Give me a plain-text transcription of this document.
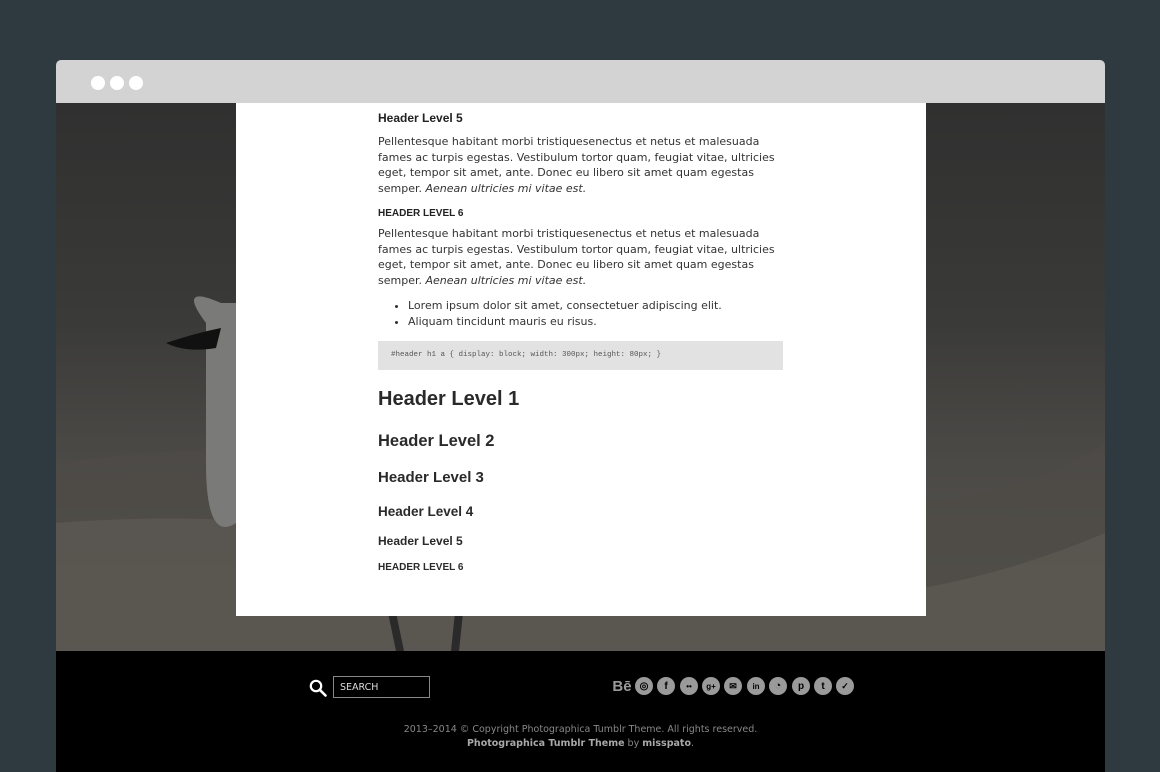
Header Level 5

Pellentesque habitant morbi tristiquesenectus et netus et malesuada fames ac turpis egestas. Vestibulum tortor quam, feugiat vitae, ultricies eget, tempor sit amet, ante. Donec eu libero sit amet quam egestas semper. Aenean ultricies mi vitae est.

HEADER LEVEL 6

Pellentesque habitant morbi tristiquesenectus et netus et malesuada fames ac turpis egestas. Vestibulum tortor quam, feugiat vitae, ultricies eget, tempor sit amet, ante. Donec eu libero sit amet quam egestas semper. Aenean ultricies mi vitae est.

• Lorem ipsum dolor sit amet, consectetuer adipiscing elit.
• Aliquam tincidunt mauris eu risus.
#header h1 a { display: block; width: 300px; height: 80px; }
Header Level 1
Header Level 2
Header Level 3
Header Level 4
Header Level 5
HEADER LEVEL 6
SEARCH
Bē ◎	f	••	g+	✉	in	◔	p	t	✓
2013–2014 © Copyright Photographica Tumblr Theme. All rights reserved.
Photographica Tumblr Theme by misspato.
